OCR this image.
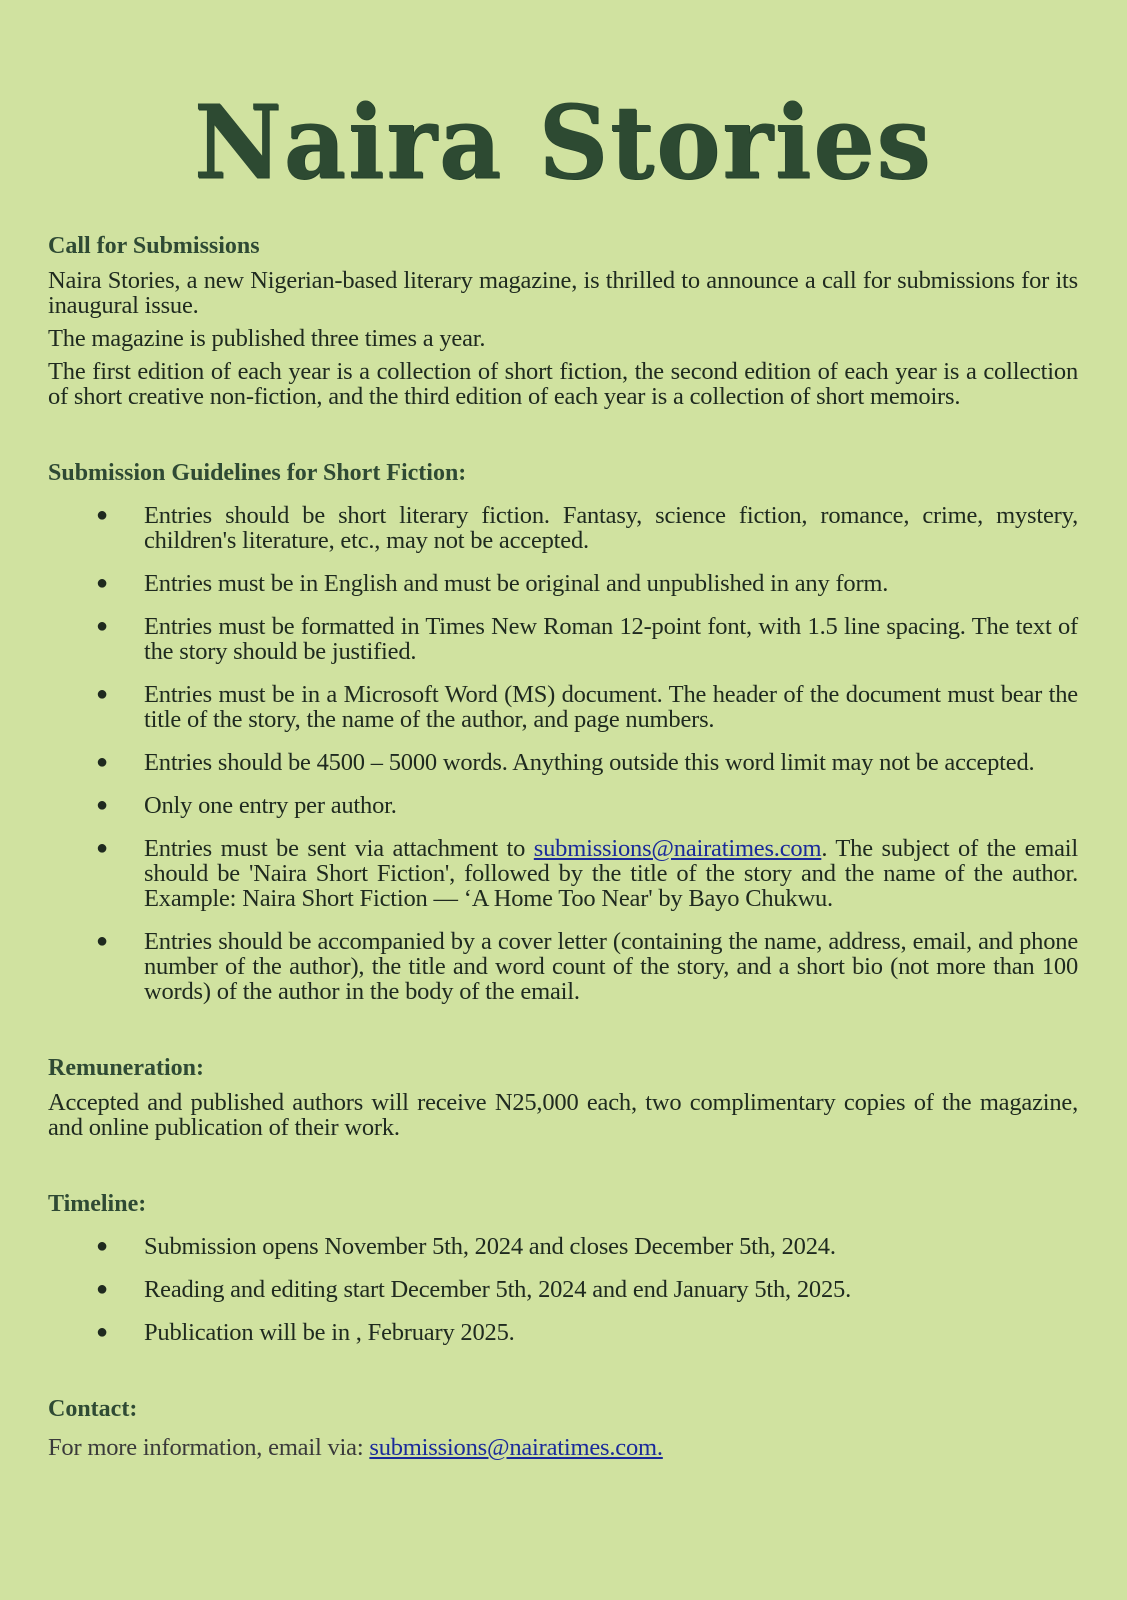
Naira Stories
Call for Submissions

Naira Stories, a new Nigerian-based literary magazine, is thrilled to announce a call for submissions for its inaugural issue.

The magazine is published three times a year.

The first edition of each year is a collection of short fiction, the second edition of each year is a collection of short creative non-fiction, and the third edition of each year is a collection of short memoirs.

Submission Guidelines for Short Fiction:
● Entries should be short literary fiction. Fantasy, science fiction, romance, crime, mystery, children's literature, etc., may not be accepted.
● Entries must be in English and must be original and unpublished in any form.
● Entries must be formatted in Times New Roman 12-point font, with 1.5 line spacing. The text of the story should be justified.
● Entries must be in a Microsoft Word (MS) document. The header of the document must bear the title of the story, the name of the author, and page numbers.
● Entries should be 4500 – 5000 words. Anything outside this word limit may not be accepted.
● Only one entry per author.
● Entries must be sent via attachment to submissions@nairatimes.com. The subject of the email should be 'Naira Short Fiction', followed by the title of the story and the name of the author. Example: Naira Short Fiction — ‘A Home Too Near' by Bayo Chukwu.
● Entries should be accompanied by a cover letter (containing the name, address, email, and phone number of the author), the title and word count of the story, and a short bio (not more than 100 words) of the author in the body of the email.
Remuneration:

Accepted and published authors will receive N25,000 each, two complimentary copies of the magazine, and online publication of their work.

Timeline:
● Submission opens November 5th, 2024 and closes December 5th, 2024.
● Reading and editing start December 5th, 2024 and end January 5th, 2025.
● Publication will be in , February 2025.
Contact:

For more information, email via: submissions@nairatimes.com.
